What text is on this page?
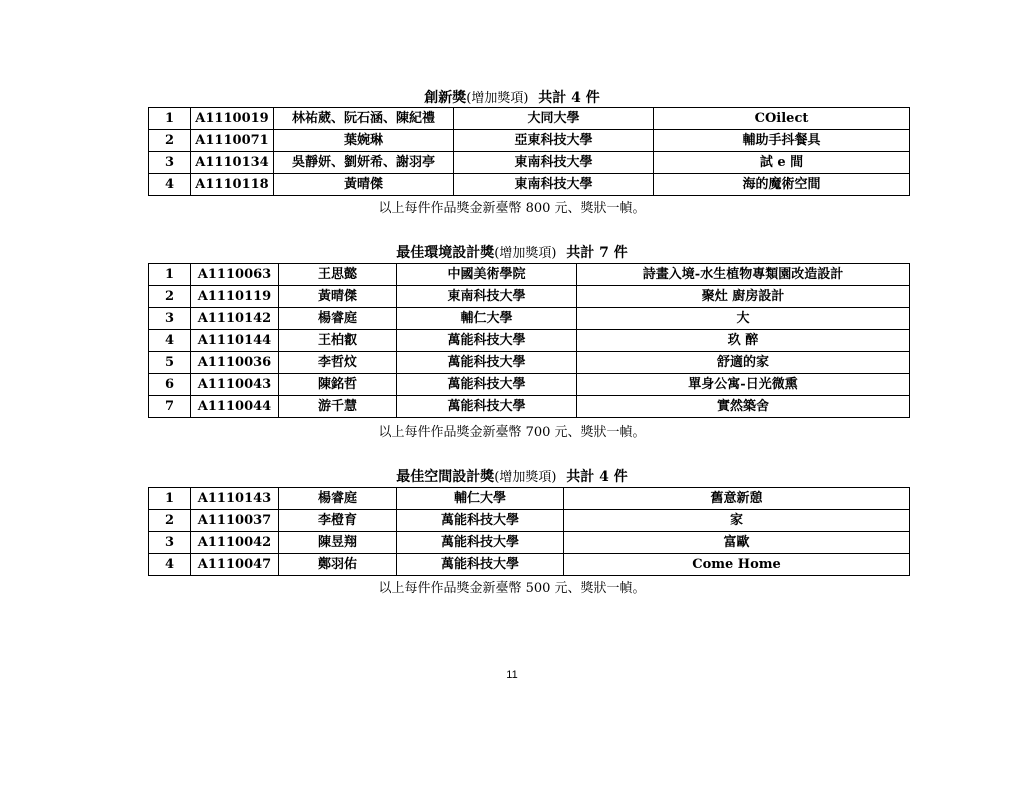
創新獎(增加獎項) 共計 4 件
1	A1110019	林祐葳、阮石涵、陳紀禮	大同大學	COilect
2	A1110071	葉婉琳	亞東科技大學	輔助手抖餐具
3	A1110134	吳靜妍、劉妍希、謝羽亭	東南科技大學	試 e 間
4	A1110118	黃晴傑	東南科技大學	海的魔術空間
以上每件作品獎金新臺幣 800 元、獎狀一幀。
最佳環境設計獎(增加獎項) 共計 7 件
1	A1110063	王思懿	中國美術學院	詩畫入境-水生植物專類園改造設計
2	A1110119	黃晴傑	東南科技大學	聚灶 廚房設計
3	A1110142	楊睿庭	輔仁大學	大
4	A1110144	王柏叡	萬能科技大學	玖 醉
5	A1110036	李哲炆	萬能科技大學	舒適的家
6	A1110043	陳銘哲	萬能科技大學	單身公寓-日光微熏
7	A1110044	游千慧	萬能科技大學	實然築舍
以上每件作品獎金新臺幣 700 元、獎狀一幀。
最佳空間設計獎(增加獎項) 共計 4 件
1	A1110143	楊睿庭	輔仁大學	舊意新憩
2	A1110037	李橙育	萬能科技大學	家
3	A1110042	陳昱翔	萬能科技大學	富歐
4	A1110047	鄭羽佑	萬能科技大學	Come Home
以上每件作品獎金新臺幣 500 元、獎狀一幀。
11
